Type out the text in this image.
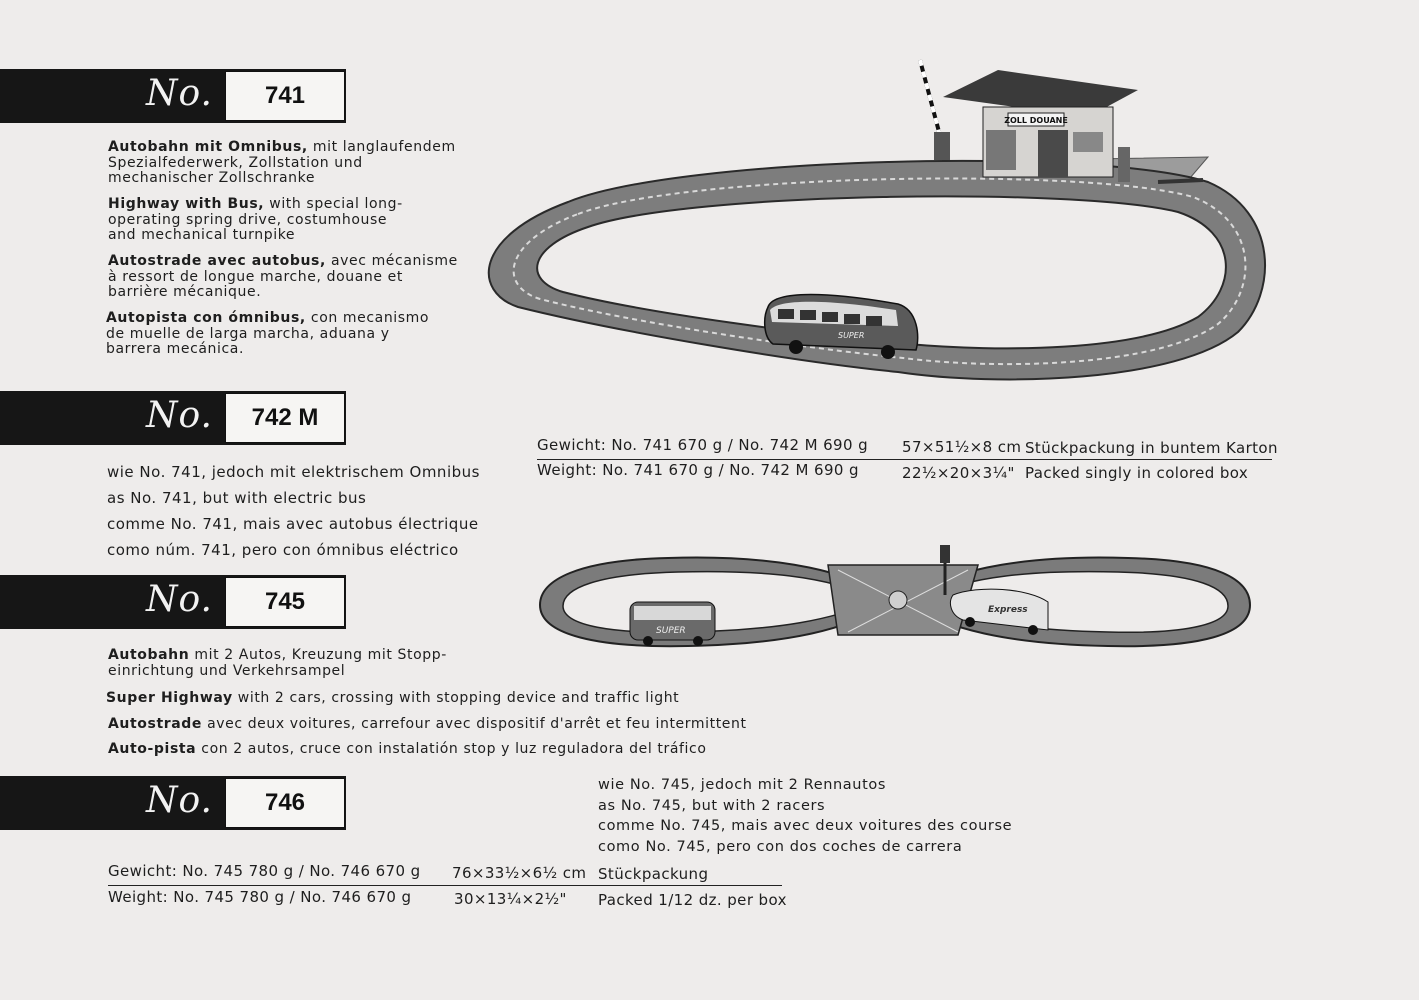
No.	741
No.	742 M
No.	745
No.	746
Autobahn mit Omnibus, mit langlaufendem
Spezialfederwerk, Zollstation und
mechanischer Zollschranke
Highway with Bus, with special long-
operating spring drive, costumhouse
and mechanical turnpike
Autostrade avec autobus, avec mécanisme
à ressort de longue marche, douane et
barrière mécanique.
Autopista con ómnibus, con mecanismo
de muelle de larga marcha, aduana y
barrera mecánica.
wie No. 741, jedoch mit elektrischem Omnibus
as No. 741, but with electric bus
comme No. 741, mais avec autobus électrique
como núm. 741, pero con ómnibus eléctrico
Autobahn mit 2 Autos, Kreuzung mit Stopp-
einrichtung und Verkehrsampel
Super Highway with 2 cars, crossing with stopping device and traffic light
Autostrade avec deux voitures, carrefour avec dispositif d'arrêt et feu intermittent
Auto-pista con 2 autos, cruce con instalatión stop y luz reguladora del tráfico
wie No. 745, jedoch mit 2 Rennautos
as No. 745, but with 2 racers
comme No. 745, mais avec deux voitures des course
como No. 745, pero con dos coches de carrera
Gewicht: No. 741 670 g / No. 742 M 690 g 57×51½×8 cm Stückpackung in buntem Karton
Weight: No. 741 670 g / No. 742 M 690 g	22½×20×3¼" Packed singly in colored box
Gewicht: No. 745 780 g / No. 746 670 g 76×33½×6½ cm Stückpackung
Weight: No. 745 780 g / No. 746 670 g	30×13¼×2½" Packed 1/12 dz. per box
ZOLL DOUANE
SUPER
SUPER
Express
